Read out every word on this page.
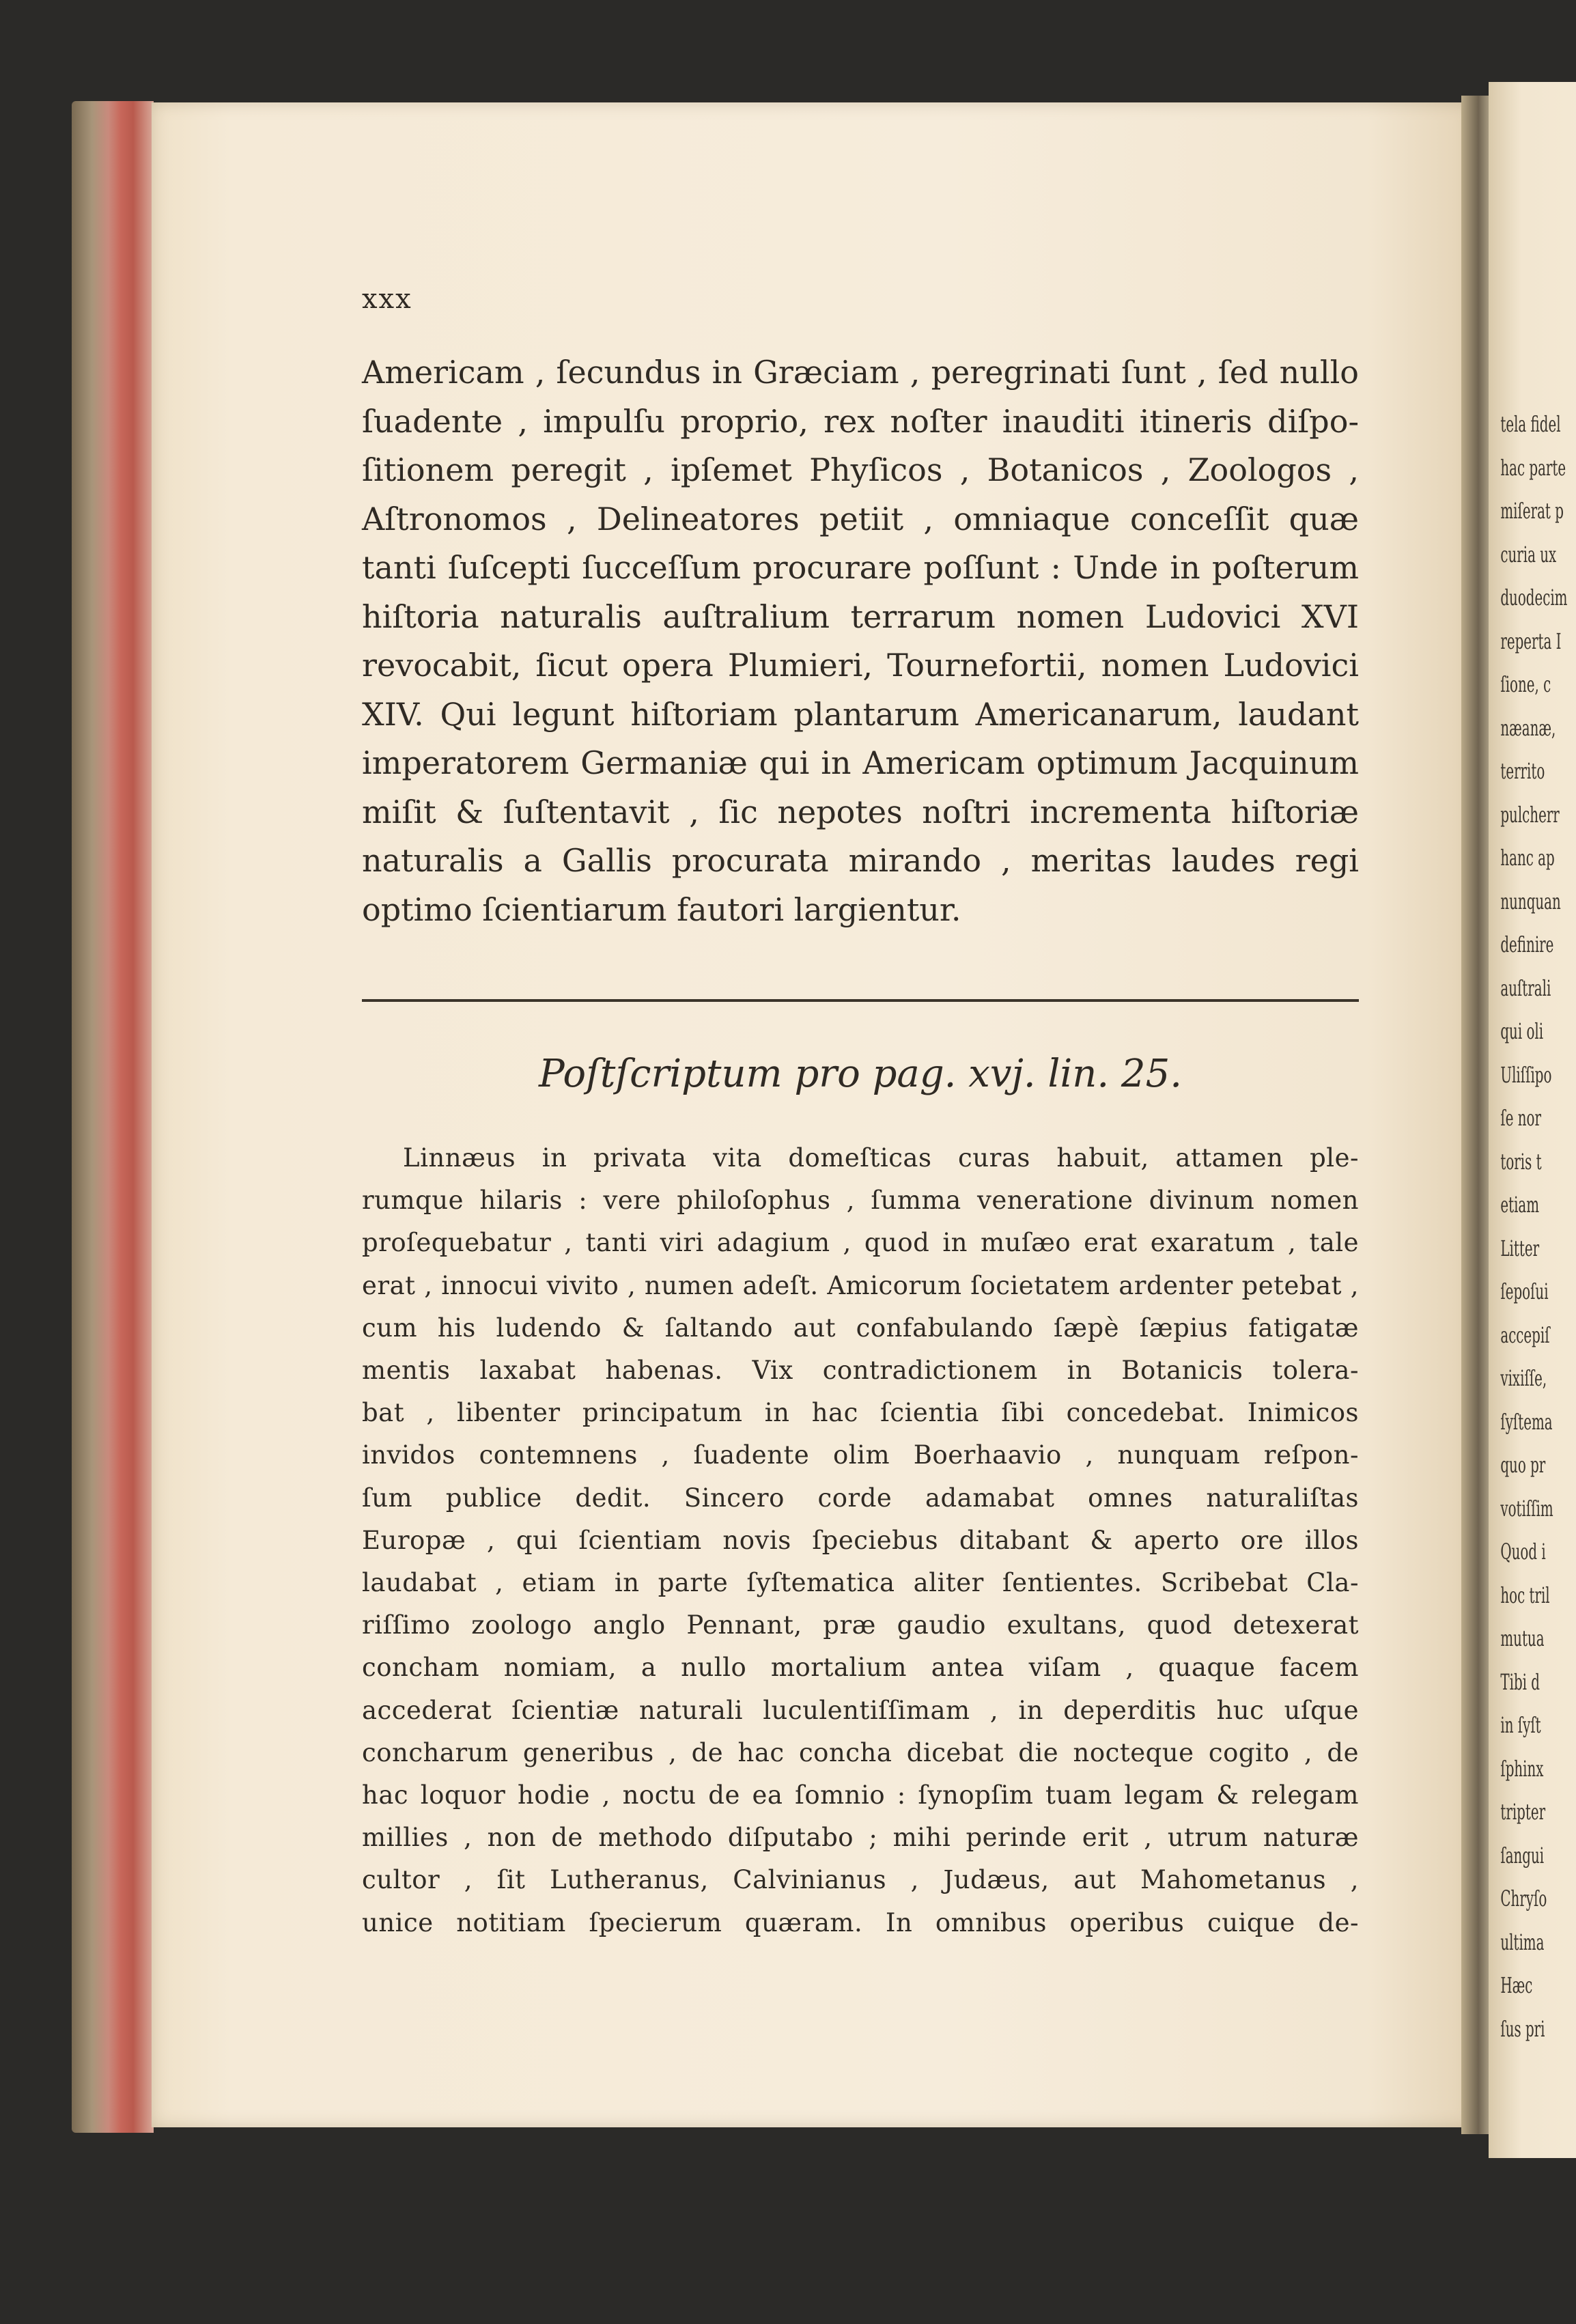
tela fidel
hac parte
miſerat p
curia ux
duodecim
reperta I
ſione, c
næanæ,
territo
pulcherr
hanc ap
nunquan
definire
auſtrali
qui oli
Uliſſipo
ſe nor
toris t
etiam
Litter
ſepoſui
accepiſ
vixiſſe,
ſyſtema
quo pr
votiſſim
Quod i
hoc tril
mutua
Tibi d
in ſyſt
ſphinx
tripter
ſangui
Chryſo
ultima
Hæc
ſus pri
xxx
Americam , ſecundus in Græciam , peregrinati ſunt , ſed nullo
ſuadente , impulſu proprio, rex noſter inauditi itineris diſpo-
ſitionem peregit , ipſemet Phyſicos , Botanicos , Zoologos ,
Aſtronomos , Delineatores petiit , omniaque conceſſit quæ
tanti ſuſcepti ſucceſſum procurare poſſunt : Unde in poſterum
hiſtoria naturalis auſtralium terrarum nomen Ludovici XVI
revocabit, ſicut opera Plumieri, Tournefortii, nomen Ludovici
XIV. Qui legunt hiſtoriam plantarum Americanarum, laudant
imperatorem Germaniæ qui in Americam optimum Jacquinum
miſit & ſuſtentavit , ſic nepotes noſtri incrementa hiſtoriæ
naturalis a Gallis procurata mirando , meritas laudes regi
optimo ſcientiarum fautori largientur.
Poſtſcriptum pro pag. xvj. lin. 25.
Linnæus in privata vita domeſticas curas habuit, attamen ple-
rumque hilaris : vere philoſophus , ſumma veneratione divinum nomen
proſequebatur , tanti viri adagium , quod in muſæo erat exaratum , tale
erat , innocui vivito , numen adeſt. Amicorum ſocietatem ardenter petebat ,
cum his ludendo & ſaltando aut confabulando ſæpè ſæpius fatigatæ
mentis laxabat habenas. Vix contradictionem in Botanicis tolera-
bat , libenter principatum in hac ſcientia ſibi concedebat. Inimicos
invidos contemnens , ſuadente olim Boerhaavio , nunquam reſpon-
ſum publice dedit. Sincero corde adamabat omnes naturaliſtas
Europæ , qui ſcientiam novis ſpeciebus ditabant & aperto ore illos
laudabat , etiam in parte ſyſtematica aliter ſentientes. Scribebat Cla-
riſſimo zoologo anglo Pennant, præ gaudio exultans, quod detexerat
concham nomiam, a nullo mortalium antea viſam , quaque facem
accederat ſcientiæ naturali luculentiſſimam , in deperditis huc uſque
concharum generibus , de hac concha dicebat die nocteque cogito , de
hac loquor hodie , noctu de ea ſomnio : ſynopſim tuam legam & relegam
millies , non de methodo diſputabo ; mihi perinde erit , utrum naturæ
cultor , ſit Lutheranus, Calvinianus , Judæus, aut Mahometanus ,
unice notitiam ſpecierum quæram. In omnibus operibus cuique de-
